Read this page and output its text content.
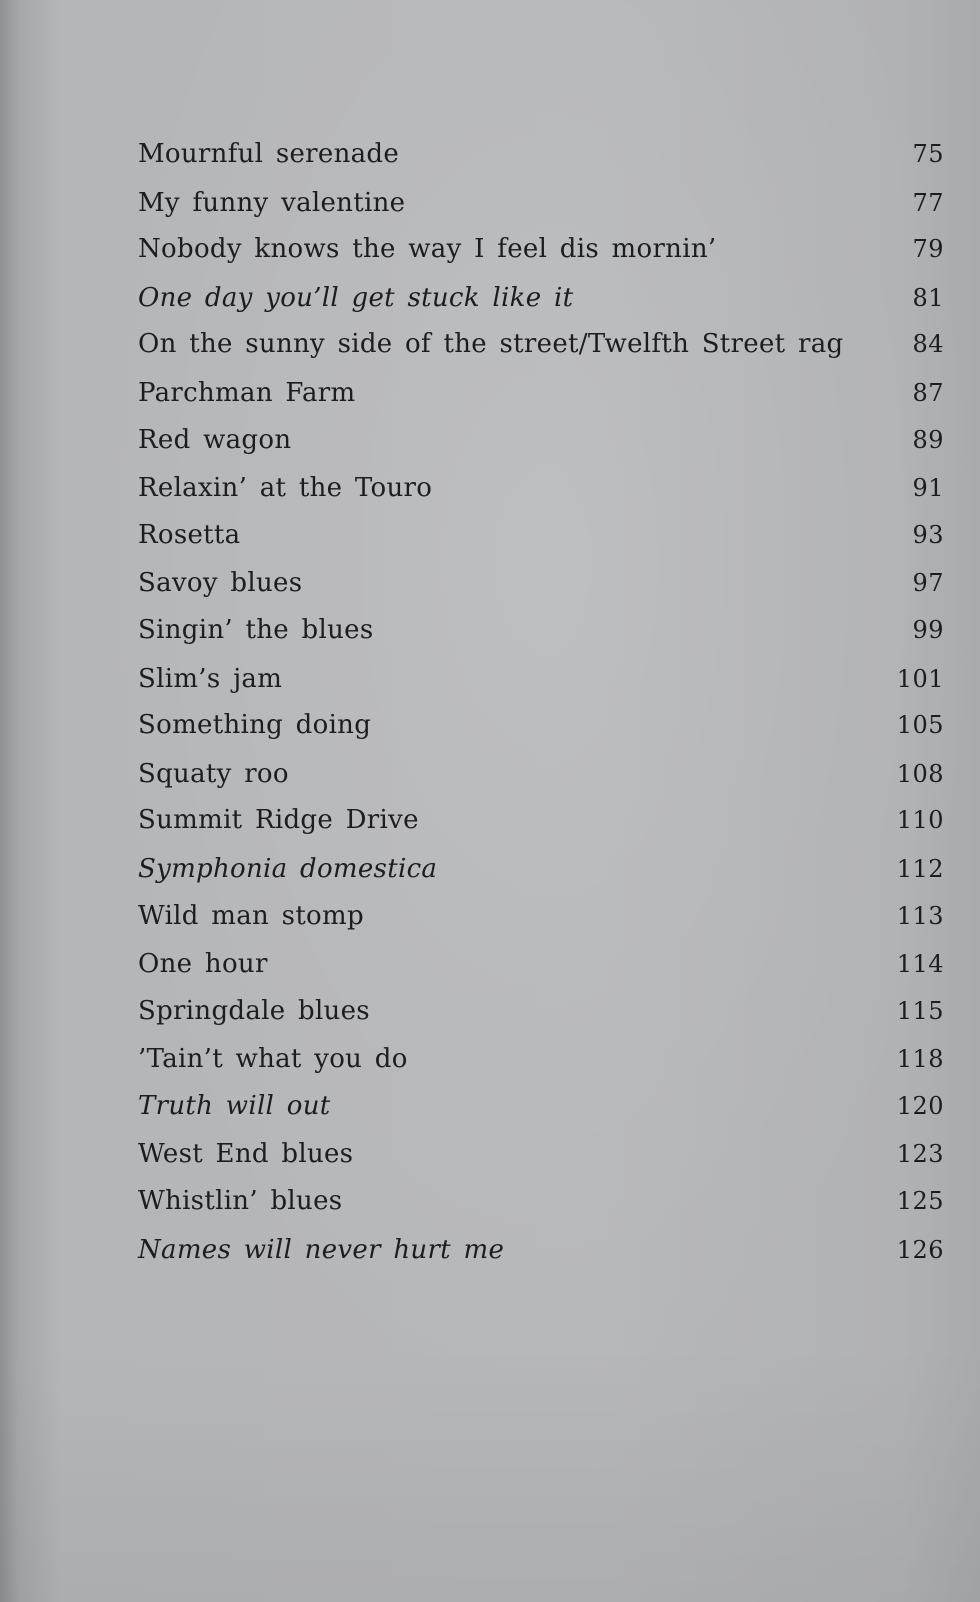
Mournful serenade	75
My funny valentine	77
Nobody knows the way I feel dis mornin’	79
One day you’ll get stuck like it	81
On the sunny side of the street/Twelfth Street rag	84
Parchman Farm	87
Red wagon	89
Relaxin’ at the Touro	91
Rosetta	93
Savoy blues	97
Singin’ the blues	99
Slim’s jam	101
Something doing	105
Squaty roo	108
Summit Ridge Drive	110
Symphonia domestica	112
Wild man stomp	113
One hour	114
Springdale blues	115
’Tain’t what you do	118
Truth will out	120
West End blues	123
Whistlin’ blues	125
Names will never hurt me	126
